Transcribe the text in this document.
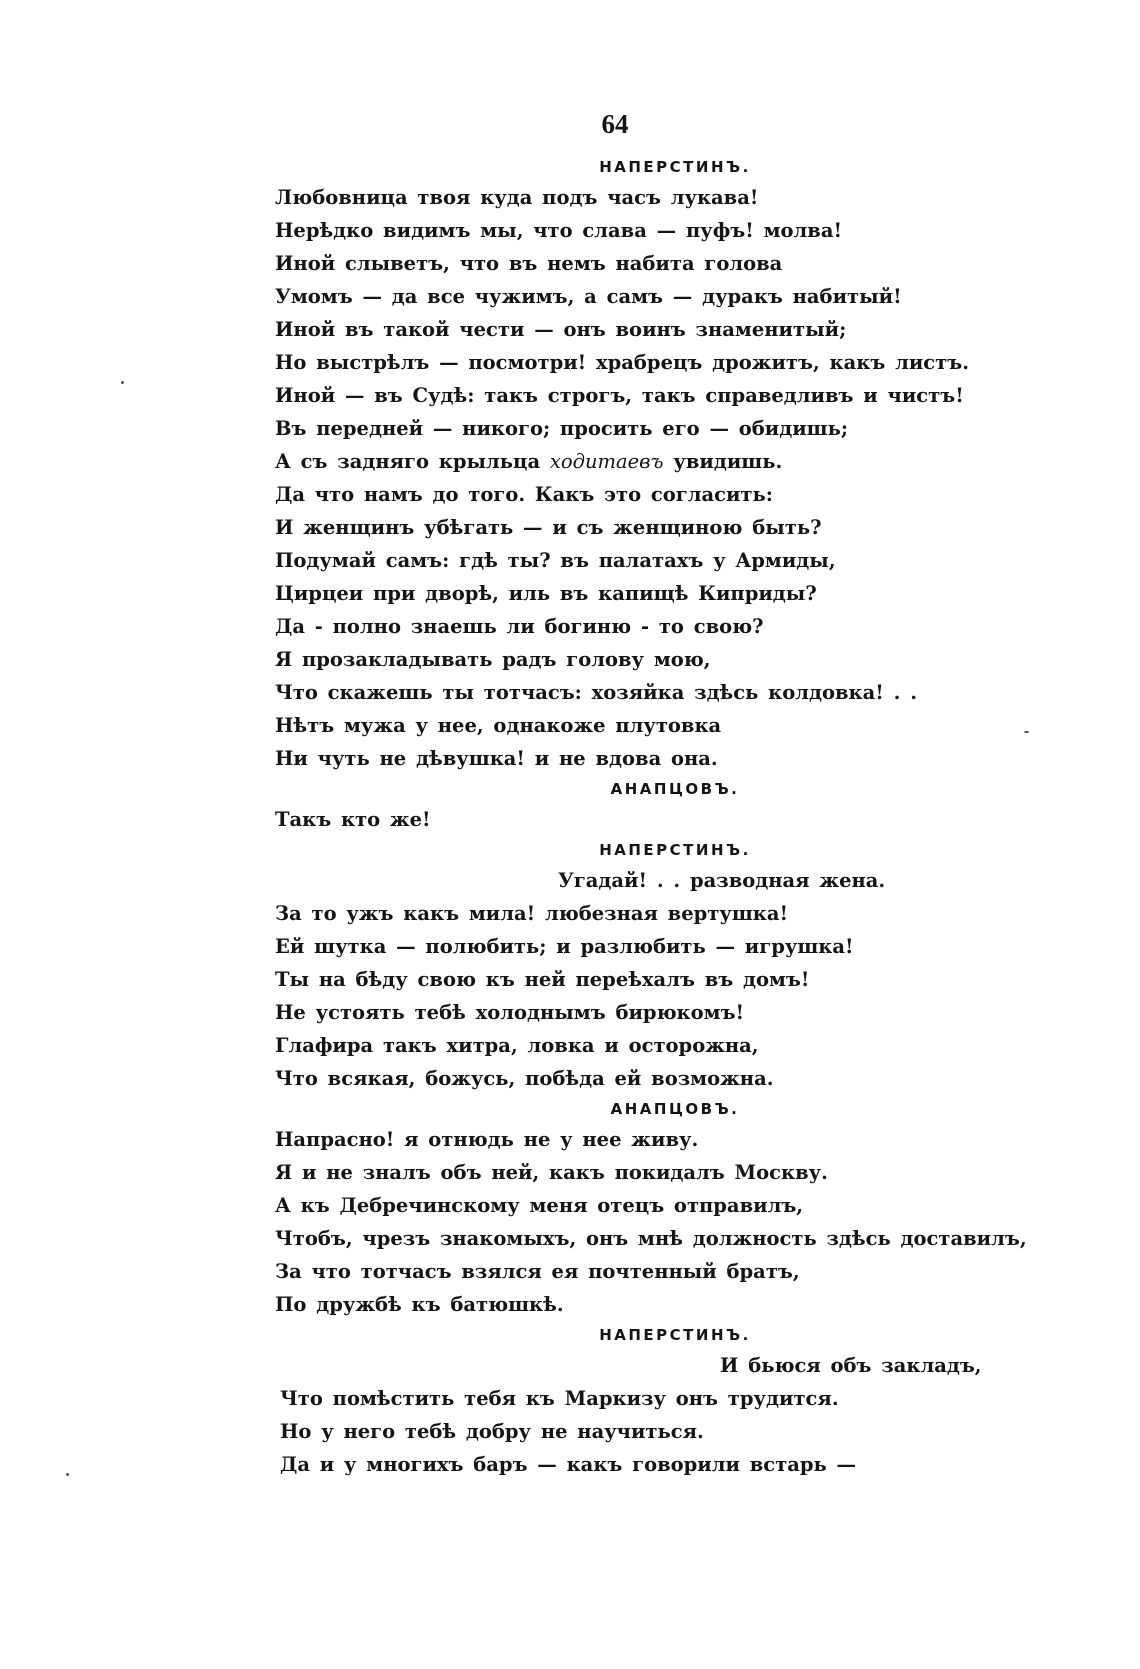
64
НАПЕРСТИНЪ.
Любовница твоя куда подъ часъ лукава!
Нерѣдко видимъ мы, что слава — пуфъ! молва!
Иной слыветъ, что въ немъ набита голова
Умомъ — да все чужимъ, а самъ — дуракъ набитый!
Иной въ такой чести — онъ воинъ знаменитый;
Но выстрѣлъ — посмотри! храбрецъ дрожитъ, какъ листъ.
Иной — въ Судѣ: такъ строгъ, такъ справедливъ и чистъ!
Въ передней — никого; просить его — обидишь;
А съ задняго крыльца ходитаевъ увидишь.
Да что намъ до того. Какъ это согласить:
И женщинъ убѣгать — и съ женщиною быть?
Подумай самъ: гдѣ ты? въ палатахъ у Армиды,
Цирцеи при дворѣ, иль въ капищѣ Киприды?
Да - полно знаешь ли богиню - то свою?
Я прозакладывать радъ голову мою,
Что скажешь ты тотчасъ: хозяйка здѣсь колдовка! . .
Нѣтъ мужа у нее, однакоже плутовка
Ни чуть не дѣвушка! и не вдова она.
АНАПЦОВЪ.
Такъ кто же!
НАПЕРСТИНЪ.
Угадай! . . разводная жена.
За то ужъ какъ мила! любезная вертушка!
Ей шутка — полюбить; и разлюбить — игрушка!
Ты на бѣду свою къ ней переѣхалъ въ домъ!
Не устоять тебѣ холоднымъ бирюкомъ!
Глафира такъ хитра, ловка и осторожна,
Что всякая, божусь, побѣда ей возможна.
АНАПЦОВЪ.
Напрасно! я отнюдь не у нее живу.
Я и не зналъ объ ней, какъ покидалъ Москву.
А къ Дебречинскому меня отецъ отправилъ,
Чтобъ, чрезъ знакомыхъ, онъ мнѣ должность здѣсь доставилъ,
За что тотчасъ взялся ея почтенный братъ,
По дружбѣ къ батюшкѣ.
НАПЕРСТИНЪ.
И бьюся объ закладъ,
Что помѣстить тебя къ Маркизу онъ трудится.
Но у него тебѣ добру не научиться.
Да и у многихъ баръ — какъ говорили встарь —
